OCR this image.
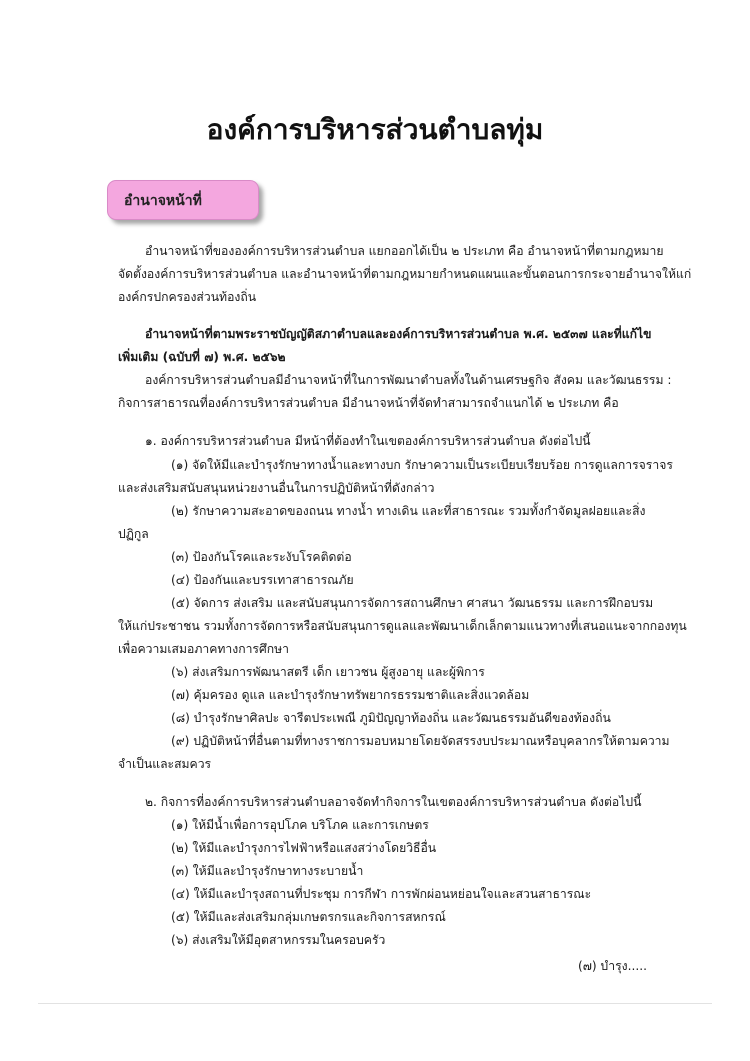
องค์การบริหารส่วนตำบลทุ่ม
อำนาจหน้าที่
อำนาจหน้าที่ขององค์การบริหารส่วนตำบล แยกออกได้เป็น ๒ ประเภท คือ อำนาจหน้าที่ตามกฎหมาย
จัดตั้งองค์การบริหารส่วนตำบล และอำนาจหน้าที่ตามกฎหมายกำหนดแผนและขั้นตอนการกระจายอำนาจให้แก่
องค์กรปกครองส่วนท้องถิ่น
อำนาจหน้าที่ตามพระราชบัญญัติสภาตำบลและองค์การบริหารส่วนตำบล พ.ศ. ๒๕๓๗ และที่แก้ไข
เพิ่มเติม (ฉบับที่ ๗) พ.ศ. ๒๕๖๒
องค์การบริหารส่วนตำบลมีอำนาจหน้าที่ในการพัฒนาตำบลทั้งในด้านเศรษฐกิจ สังคม และวัฒนธรรม :
กิจการสาธารณที่องค์การบริหารส่วนตำบล มีอำนาจหน้าที่จัดทำสามารถจำแนกได้ ๒ ประเภท คือ
๑. องค์การบริหารส่วนตำบล มีหน้าที่ต้องทำในเขตองค์การบริหารส่วนตำบล ดังต่อไปนี้
(๑) จัดให้มีและบำรุงรักษาทางน้ำและทางบก รักษาความเป็นระเบียบเรียบร้อย การดูแลการจราจร
และส่งเสริมสนับสนุนหน่วยงานอื่นในการปฏิบัติหน้าที่ดังกล่าว
(๒) รักษาความสะอาดของถนน ทางน้ำ ทางเดิน และที่สาธารณะ รวมทั้งกำจัดมูลฝอยและสิ่ง
ปฏิกูล
(๓) ป้องกันโรคและระงับโรคติดต่อ
(๔) ป้องกันและบรรเทาสาธารณภัย
(๕) จัดการ ส่งเสริม และสนับสนุนการจัดการสถานศึกษา ศาสนา วัฒนธรรม และการฝึกอบรม
ให้แก่ประชาชน รวมทั้งการจัดการหรือสนับสนุนการดูแลและพัฒนาเด็กเล็กตามแนวทางที่เสนอแนะจากกองทุน
เพื่อความเสมอภาคทางการศึกษา
(๖) ส่งเสริมการพัฒนาสตรี เด็ก เยาวชน ผู้สูงอายุ และผู้พิการ
(๗) คุ้มครอง ดูแล และบำรุงรักษาทรัพยากรธรรมชาติและสิ่งแวดล้อม
(๘) บำรุงรักษาศิลปะ จารีตประเพณี ภูมิปัญญาท้องถิ่น และวัฒนธรรมอันดีของท้องถิ่น
(๙) ปฏิบัติหน้าที่อื่นตามที่ทางราชการมอบหมายโดยจัดสรรงบประมาณหรือบุคลากรให้ตามความ
จำเป็นและสมควร
๒. กิจการที่องค์การบริหารส่วนตำบลอาจจัดทำกิจการในเขตองค์การบริหารส่วนตำบล ดังต่อไปนี้
(๑) ให้มีน้ำเพื่อการอุปโภค บริโภค และการเกษตร
(๒) ให้มีและบำรุงการไฟฟ้าหรือแสงสว่างโดยวิธีอื่น
(๓) ให้มีและบำรุงรักษาทางระบายน้ำ
(๔) ให้มีและบำรุงสถานที่ประชุม การกีฬา การพักผ่อนหย่อนใจและสวนสาธารณะ
(๕) ให้มีและส่งเสริมกลุ่มเกษตรกรและกิจการสหกรณ์
(๖) ส่งเสริมให้มีอุตสาหกรรมในครอบครัว
(๗) บำรุง.....
